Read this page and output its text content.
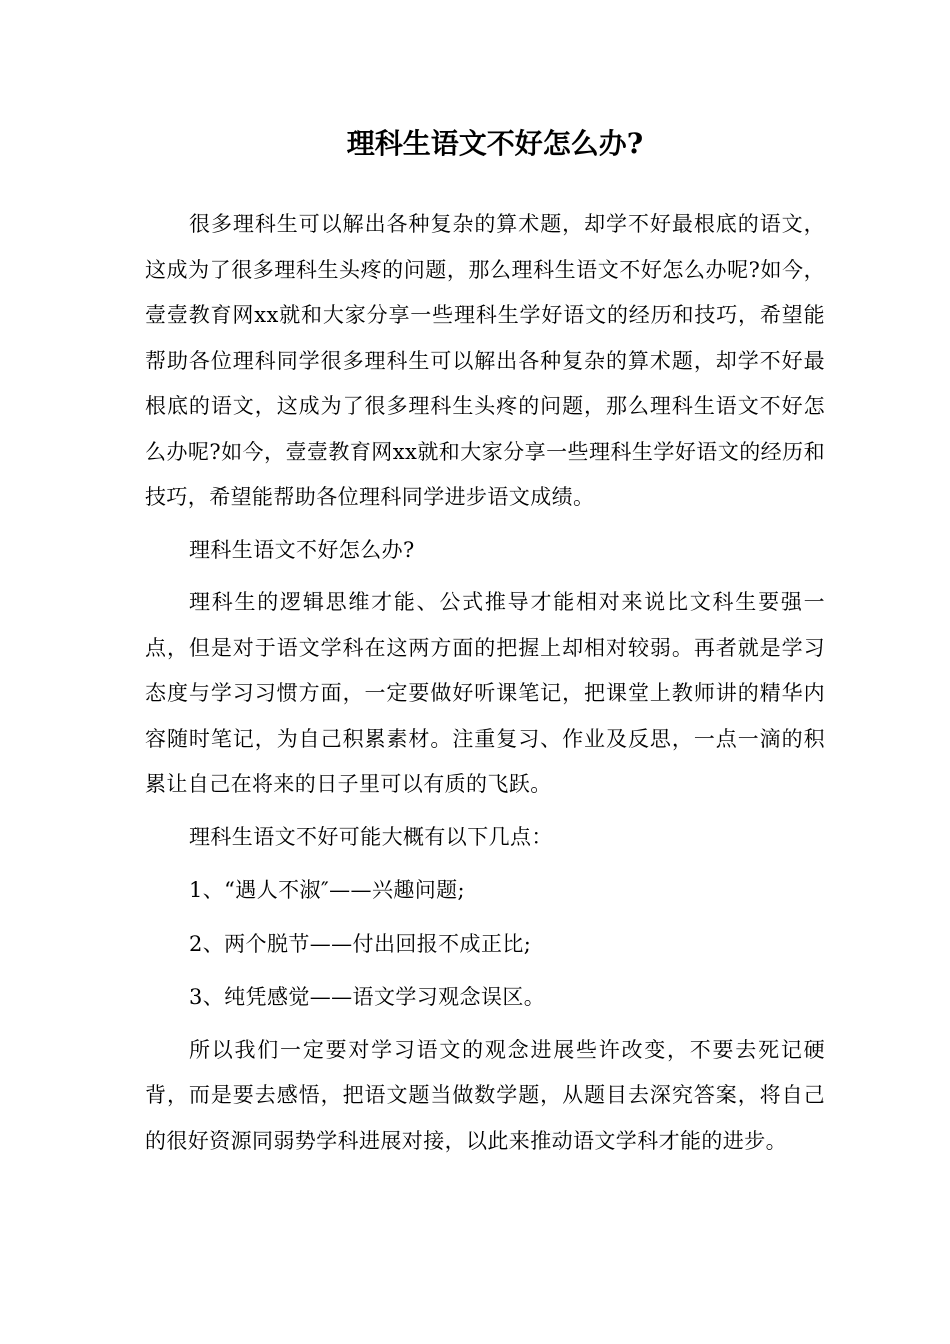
理科生语文不好怎么办?

很多理科生可以解出各种复杂的算术题，却学不好最根底的语文，这成为了很多理科生头疼的问题，那么理科生语文不好怎么办呢?如今，壹壹教育网xx就和大家分享一些理科生学好语文的经历和技巧，希望能帮助各位理科同学很多理科生可以解出各种复杂的算术题，却学不好最根底的语文，这成为了很多理科生头疼的问题，那么理科生语文不好怎么办呢?如今，壹壹教育网xx就和大家分享一些理科生学好语文的经历和技巧，希望能帮助各位理科同学进步语文成绩。

理科生语文不好怎么办?

理科生的逻辑思维才能、公式推导才能相对来说比文科生要强一点，但是对于语文学科在这两方面的把握上却相对较弱。再者就是学习态度与学习习惯方面，一定要做好听课笔记，把课堂上教师讲的精华内容随时笔记，为自己积累素材。注重复习、作业及反思，一点一滴的积累让自己在将来的日子里可以有质的飞跃。

理科生语文不好可能大概有以下几点：

1、“遇人不淑″——兴趣问题;

2、两个脱节——付出回报不成正比;

3、纯凭感觉——语文学习观念误区。

所以我们一定要对学习语文的观念进展些许改变，不要去死记硬背，而是要去感悟，把语文题当做数学题，从题目去深究答案，将自己的很好资源同弱势学科进展对接，以此来推动语文学科才能的进步。
